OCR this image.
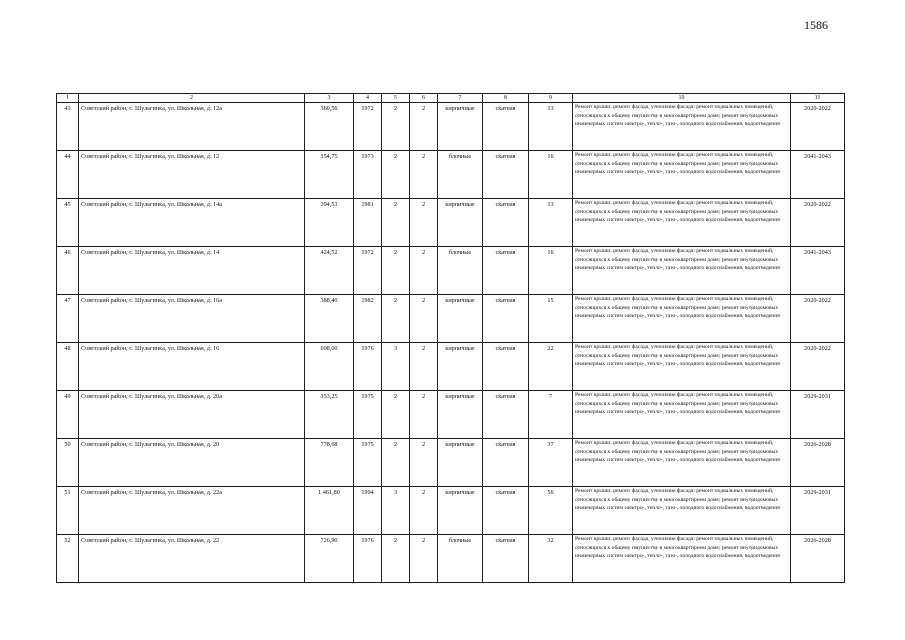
1586
1	2	3	4	5	6	7	8	9	10	11
43	Советский район, с. Шульгинка, ул. Школьная, д. 12а	360,56	1972	2	2	кирпичные	скатная	13	Ремонт крыши; ремонт фасада, утепление фасада; ремонт подвальных помещений, относящихся к общему имуществу в многоквартирном доме; ремонт внутридомовых инженерных систем электро-, тепло-, газо-, холодного водоснабжения, водоотведения	2020-2022
44	Советский район, с. Шульгинка, ул. Школьная, д. 12	354,75	1973	2	2	блочные	скатная	16	Ремонт крыши; ремонт фасада, утепление фасада; ремонт подвальных помещений, относящихся к общему имуществу в многоквартирном доме; ремонт внутридомовых инженерных систем электро-, тепло-, газо-, холодного водоснабжения, водоотведения	2041-2043
45	Советский район, с. Шульгинка, ул. Школьная, д. 14а	394,53	1981	2	2	кирпичные	скатная	13	Ремонт крыши; ремонт фасада, утепление фасада; ремонт подвальных помещений, относящихся к общему имуществу в многоквартирном доме; ремонт внутридомовых инженерных систем электро-, тепло-, газо-, холодного водоснабжения, водоотведения	2020-2022
46	Советский район, с. Шульгинка, ул. Школьная, д. 14	424,52	1972	2	2	блочные	скатная	16	Ремонт крыши; ремонт фасада, утепление фасада; ремонт подвальных помещений, относящихся к общему имуществу в многоквартирном доме; ремонт внутридомовых инженерных систем электро-, тепло-, газо-, холодного водоснабжения, водоотведения	2041-2043
47	Советский район, с. Шульгинка, ул. Школьная, д. 16а	388,40	1982	2	2	кирпичные	скатная	15	Ремонт крыши; ремонт фасада, утепление фасада; ремонт подвальных помещений, относящихся к общему имуществу в многоквартирном доме; ремонт внутридомовых инженерных систем электро-, тепло-, газо-, холодного водоснабжения, водоотведения	2020-2022
48	Советский район, с. Шульгинка, ул. Школьная, д. 16	698,00	1976	3	2	кирпичные	скатная	22	Ремонт крыши; ремонт фасада, утепление фасада; ремонт подвальных помещений, относящихся к общему имуществу в многоквартирном доме; ремонт внутридомовых инженерных систем электро-, тепло-, газо-, холодного водоснабжения, водоотведения	2020-2022
49	Советский район, с. Шульгинка, ул. Школьная, д. 20а	353,25	1975	2	2	кирпичные	скатная	7	Ремонт крыши; ремонт фасада, утепление фасада; ремонт подвальных помещений, относящихся к общему имуществу в многоквартирном доме; ремонт внутридомовых инженерных систем электро-, тепло-, газо-, холодного водоснабжения, водоотведения	2029-2031
50	Советский район, с. Шульгинка, ул. Школьная, д. 20	778,68	1975	2	2	кирпичные	скатная	37	Ремонт крыши; ремонт фасада, утепление фасада; ремонт подвальных помещений, относящихся к общему имуществу в многоквартирном доме; ремонт внутридомовых инженерных систем электро-, тепло-, газо-, холодного водоснабжения, водоотведения	2026-2028
51	Советский район, с. Шульгинка, ул. Школьная, д. 22а	1 461,80	1994	3	2	кирпичные	скатная	56	Ремонт крыши; ремонт фасада, утепление фасада; ремонт подвальных помещений, относящихся к общему имуществу в многоквартирном доме; ремонт внутридомовых инженерных систем электро-, тепло-, газо-, холодного водоснабжения, водоотведения	2029-2031
52	Советский район, с. Шульгинка, ул. Школьная, д. 22	726,90	1976	2	2	блочные	скатная	32	Ремонт крыши; ремонт фасада, утепление фасада; ремонт подвальных помещений, относящихся к общему имуществу в многоквартирном доме; ремонт внутридомовых инженерных систем электро-, тепло-, газо-, холодного водоснабжения, водоотведения	2026-2028
